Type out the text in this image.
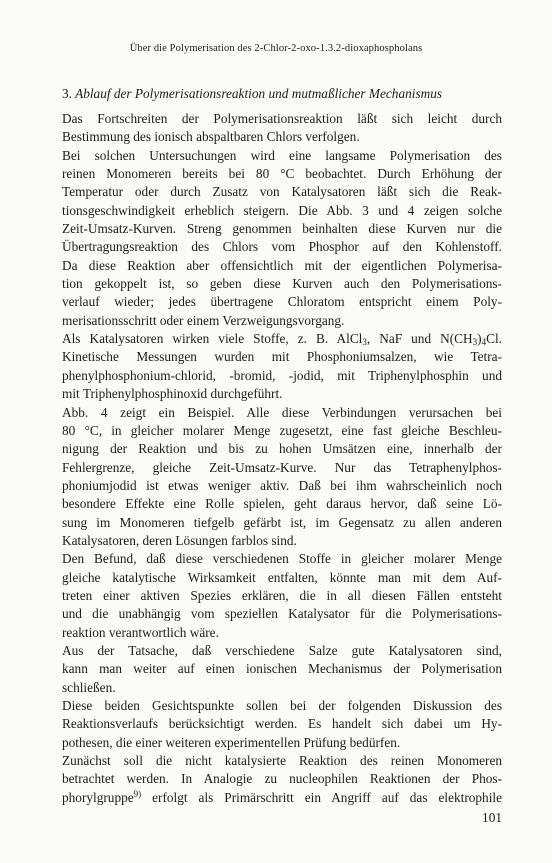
Über die Polymerisation des 2-Chlor-2-oxo-1.3.2-dioxaphospholans
3. Ablauf der Polymerisationsreaktion und mutmaßlicher Mechanismus
Das Fortschreiten der Polymerisationsreaktion läßt sich leicht durch
Bestimmung des ionisch abspaltbaren Chlors verfolgen.
Bei solchen Untersuchungen wird eine langsame Polymerisation des
reinen Monomeren bereits bei 80 °C beobachtet. Durch Erhöhung der
Temperatur oder durch Zusatz von Katalysatoren läßt sich die Reak-
tionsgeschwindigkeit erheblich steigern. Die Abb. 3 und 4 zeigen solche
Zeit-Umsatz-Kurven. Streng genommen beinhalten diese Kurven nur die
Übertragungsreaktion des Chlors vom Phosphor auf den Kohlenstoff.
Da diese Reaktion aber offensichtlich mit der eigentlichen Polymerisa-
tion gekoppelt ist, so geben diese Kurven auch den Polymerisations-
verlauf wieder; jedes übertragene Chloratom entspricht einem Poly-
merisationsschritt oder einem Verzweigungsvorgang.
Als Katalysatoren wirken viele Stoffe, z. B. AlCl$_3$, NaF und $N(CH_3)_4Cl$.
Kinetische Messungen wurden mit Phosphoniumsalzen, wie Tetra-
phenylphosphonium-chlorid, -bromid, -jodid, mit Triphenylphosphin und
mit Triphenylphosphinoxid durchgeführt.
Abb. 4 zeigt ein Beispiel. Alle diese Verbindungen verursachen bei
80 °C, in gleicher molarer Menge zugesetzt, eine fast gleiche Beschleu-
nigung der Reaktion und bis zu hohen Umsätzen eine, innerhalb der
Fehlergrenze, gleiche Zeit-Umsatz-Kurve. Nur das Tetraphenylphos-
phoniumjodid ist etwas weniger aktiv. Daß bei ihm wahrscheinlich noch
besondere Effekte eine Rolle spielen, geht daraus hervor, daß seine Lö-
sung im Monomeren tiefgelb gefärbt ist, im Gegensatz zu allen anderen
Katalysatoren, deren Lösungen farblos sind.
Den Befund, daß diese verschiedenen Stoffe in gleicher molarer Menge
gleiche katalytische Wirksamkeit entfalten, könnte man mit dem Auf-
treten einer aktiven Spezies erklären, die in all diesen Fällen entsteht
und die unabhängig vom speziellen Katalysator für die Polymerisations-
reaktion verantwortlich wäre.
Aus der Tatsache, daß verschiedene Salze gute Katalysatoren sind,
kann man weiter auf einen ionischen Mechanismus der Polymerisation
schließen.
Diese beiden Gesichtspunkte sollen bei der folgenden Diskussion des
Reaktionsverlaufs berücksichtigt werden. Es handelt sich dabei um Hy-
pothesen, die einer weiteren experimentellen Prüfung bedürfen.
Zunächst soll die nicht katalysierte Reaktion des reinen Monomeren
betrachtet werden. In Analogie zu nucleophilen Reaktionen der Phos-
phorylgruppe$^{9)}$ erfolgt als Primärschritt ein Angriff auf das elektrophile
101
